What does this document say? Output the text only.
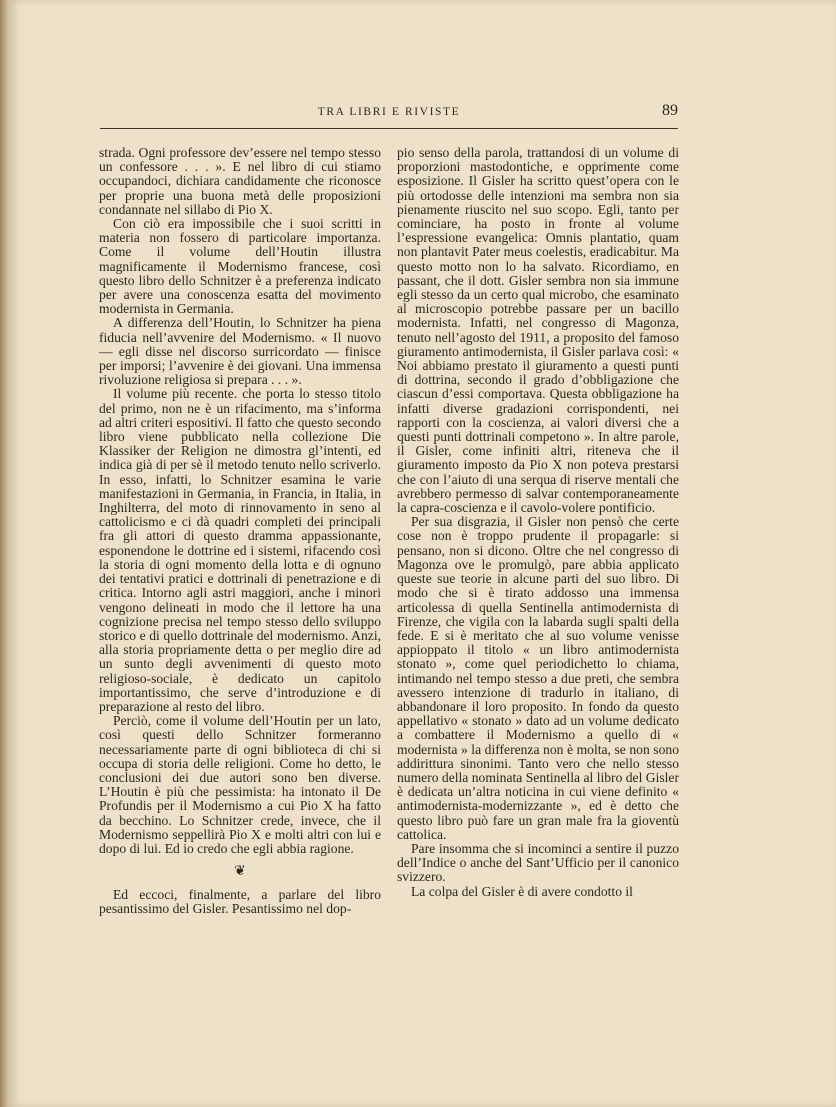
TRA LIBRI E RIVISTE	89

strada. Ogni professore dev’essere nel tempo stesso un confessore . . . ». E nel libro di cui stiamo occupandoci, dichiara candidamente che riconosce per proprie una buona metà delle proposizioni condannate nel sillabo di Pio X.

Con ciò era impossibile che i suoi scritti in materia non fossero di particolare importanza. Come il volume dell’Houtin illustra magnificamente il Modernismo francese, così questo libro dello Schnitzer è a preferenza indicato per avere una conoscenza esatta del movimento modernista in Germania.

A differenza dell’Houtin, lo Schnitzer ha piena fiducia nell’avvenire del Modernismo. « Il nuovo — egli disse nel discorso surricordato — finisce per imporsi; l’avvenire è dei giovani. Una immensa rivoluzione religiosa si prepara . . . ».

Il volume più recente. che porta lo stesso titolo del primo, non ne è un rifacimento, ma s’informa ad altri criteri espositivi. Il fatto che questo secondo libro viene pubblicato nella collezione Die Klassiker der Religion ne dimostra gl’intenti, ed indica già di per sè il metodo tenuto nello scriverlo. In esso, infatti, lo Schnitzer esamina le varie manifestazioni in Germania, in Francia, in Italia, in Inghilterra, del moto di rinnovamento in seno al cattolicismo e ci dà quadri completi dei principali fra gli attori di questo dramma appassionante, esponendone le dottrine ed i sistemi, rifacendo così la storia di ogni momento della lotta e di ognuno dei tentativi pratici e dottrinali di penetrazione e di critica. Intorno agli astri maggiori, anche i minori vengono delineati in modo che il lettore ha una cognizione precisa nel tempo stesso dello sviluppo storico e di quello dottrinale del modernismo. Anzi, alla storia propriamente detta o per meglio dire ad un sunto degli avvenimenti di questo moto religioso-sociale, è dedicato un capitolo importantissimo, che serve d’introduzione e di preparazione al resto del libro.

Perciò, come il volume dell’Houtin per un lato, così questi dello Schnitzer formeranno necessariamente parte di ogni biblioteca di chi si occupa di storia delle religioni. Come ho detto, le conclusioni dei due autori sono ben diverse. L’Houtin è più che pessimista: ha intonato il De Profundis per il Modernismo a cui Pio X ha fatto da becchino. Lo Schnitzer crede, invece, che il Modernismo seppellirà Pio X e molti altri con lui e dopo di lui. Ed io credo che egli abbia ragione.

❦

Ed eccoci, finalmente, a parlare del libro pesantissimo del Gisler. Pesantissimo nel dop-

pio senso della parola, trattandosi di un volume di proporzioni mastodontiche, e opprimente come esposizione. Il Gisler ha scritto quest’opera con le più ortodosse delle intenzioni ma sembra non sia pienamente riuscito nel suo scopo. Egli, tanto per cominciare, ha posto in fronte al volume l’espressione evangelica: Omnis plantatio, quam non plantavit Pater meus coelestis, eradicabitur. Ma questo motto non lo ha salvato. Ricordiamo, en passant, che il dott. Gisler sembra non sia immune egli stesso da un certo qual microbo, che esaminato al microscopio potrebbe passare per un bacillo modernista. Infatti, nel congresso di Magonza, tenuto nell’agosto del 1911, a proposito del famoso giuramento antimodernista, il Gisler parlava così: « Noi abbiamo prestato il giuramento a questi punti di dottrina, secondo il grado d’obbligazione che ciascun d’essi comportava. Questa obbligazione ha infatti diverse gradazioni corrispondenti, nei rapporti con la coscienza, ai valori diversi che a questi punti dottrinali competono ». In altre parole, il Gisler, come infiniti altri, riteneva che il giuramento imposto da Pio X non poteva prestarsi che con l’aiuto di una serqua di riserve mentali che avrebbero permesso di salvar contemporaneamente la capra-coscienza e il cavolo-volere pontificio.

Per sua disgrazia, il Gisler non pensò che certe cose non è troppo prudente il propagarle: si pensano, non si dicono. Oltre che nel congresso di Magonza ove le promulgò, pare abbia applicato queste sue teorie in alcune parti del suo libro. Di modo che si è tirato addosso una immensa articolessa di quella Sentinella antimodernista di Firenze, che vigila con la labarda sugli spalti della fede. E si è meritato che al suo volume venisse appioppato il titolo « un libro antimodernista stonato », come quel periodichetto lo chiama, intimando nel tempo stesso a due preti, che sembra avessero intenzione di tradurlo in italiano, di abbandonare il loro proposito. In fondo da questo appellativo « stonato » dato ad un volume dedicato a combattere il Modernismo a quello di « modernista » la differenza non è molta, se non sono addirittura sinonimi. Tanto vero che nello stesso numero della nominata Sentinella al libro del Gisler è dedicata un’altra noticina in cui viene definito « antimodernista-modernizzante », ed è detto che questo libro può fare un gran male fra la gioventù cattolica.

Pare insomma che si incominci a sentire il puzzo dell’Indice o anche del Sant’Ufficio per il canonico svizzero.

La colpa del Gisler è di avere condotto il
